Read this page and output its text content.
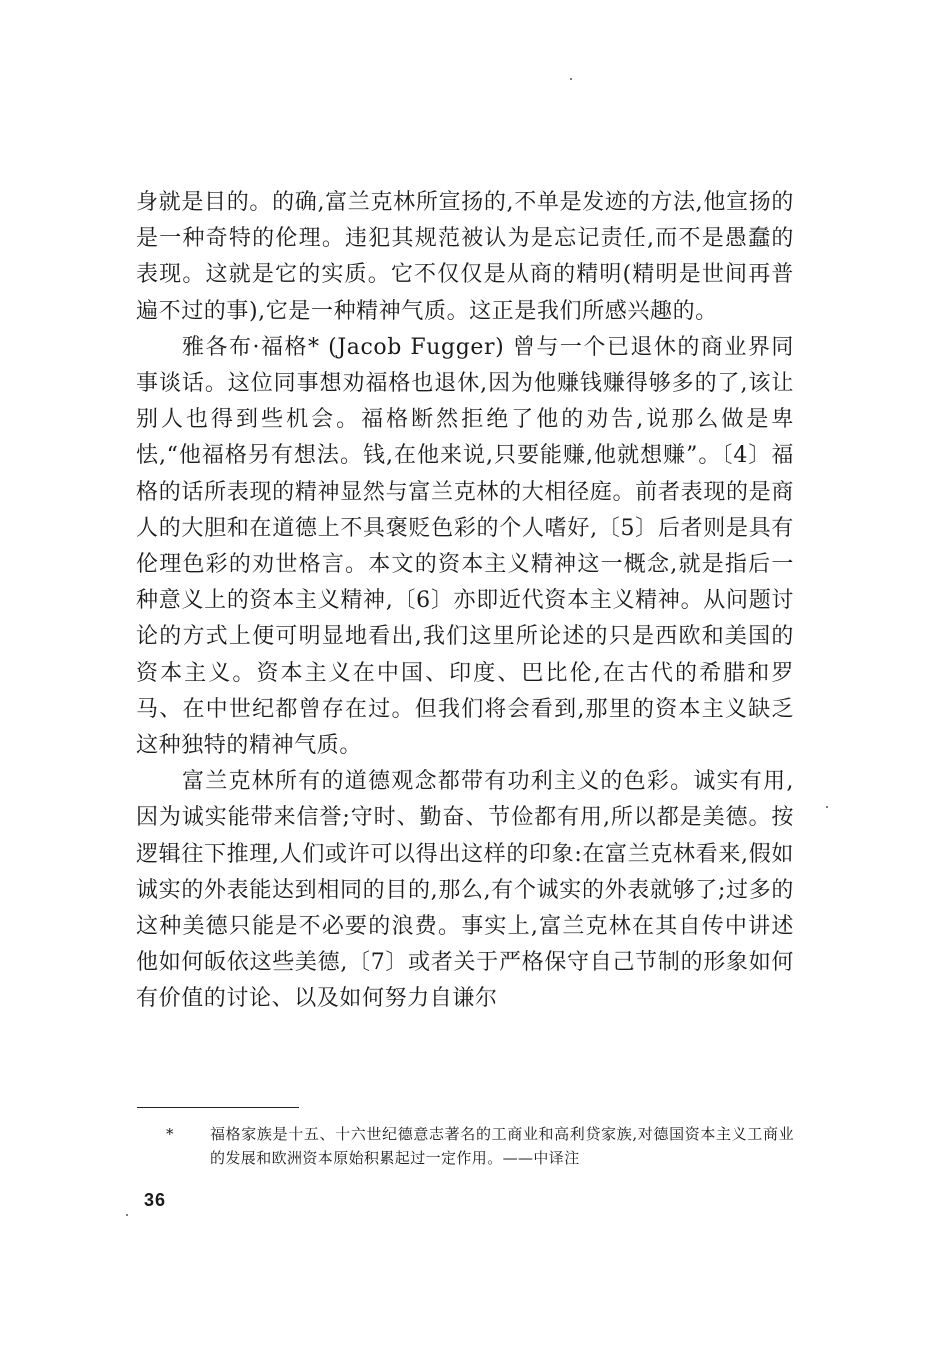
身就是目的。的确,富兰克林所宣扬的,不单是发迹的方法,他宣扬的是一种奇特的伦理。违犯其规范被认为是忘记责任,而不是愚蠢的表现。这就是它的实质。它不仅仅是从商的精明(精明是世间再普遍不过的事),它是一种精神气质。这正是我们所感兴趣的。

雅各布·福格* (Jacob Fugger) 曾与一个已退休的商业界同事谈话。这位同事想劝福格也退休,因为他赚钱赚得够多的了,该让别人也得到些机会。福格断然拒绝了他的劝告,说那么做是卑怯,“他福格另有想法。钱,在他来说,只要能赚,他就想赚”。〔4〕福格的话所表现的精神显然与富兰克林的大相径庭。前者表现的是商人的大胆和在道德上不具褒贬色彩的个人嗜好,〔5〕后者则是具有伦理色彩的劝世格言。本文的资本主义精神这一概念,就是指后一种意义上的资本主义精神,〔6〕亦即近代资本主义精神。从问题讨论的方式上便可明显地看出,我们这里所论述的只是西欧和美国的资本主义。资本主义在中国、印度、巴比伦,在古代的希腊和罗马、在中世纪都曾存在过。但我们将会看到,那里的资本主义缺乏这种独特的精神气质。

富兰克林所有的道德观念都带有功利主义的色彩。诚实有用,因为诚实能带来信誉;守时、勤奋、节俭都有用,所以都是美德。按逻辑往下推理,人们或许可以得出这样的印象:在富兰克林看来,假如诚实的外表能达到相同的目的,那么,有个诚实的外表就够了;过多的这种美德只能是不必要的浪费。事实上,富兰克林在其自传中讲述他如何皈依这些美德,〔7〕或者关于严格保守自己节制的形象如何有价值的讨论、以及如何努力自谦尔

* 福格家族是十五、十六世纪德意志著名的工商业和高利贷家族,对德国资本主义工商业的发展和欧洲资本原始积累起过一定作用。——中译注

36
